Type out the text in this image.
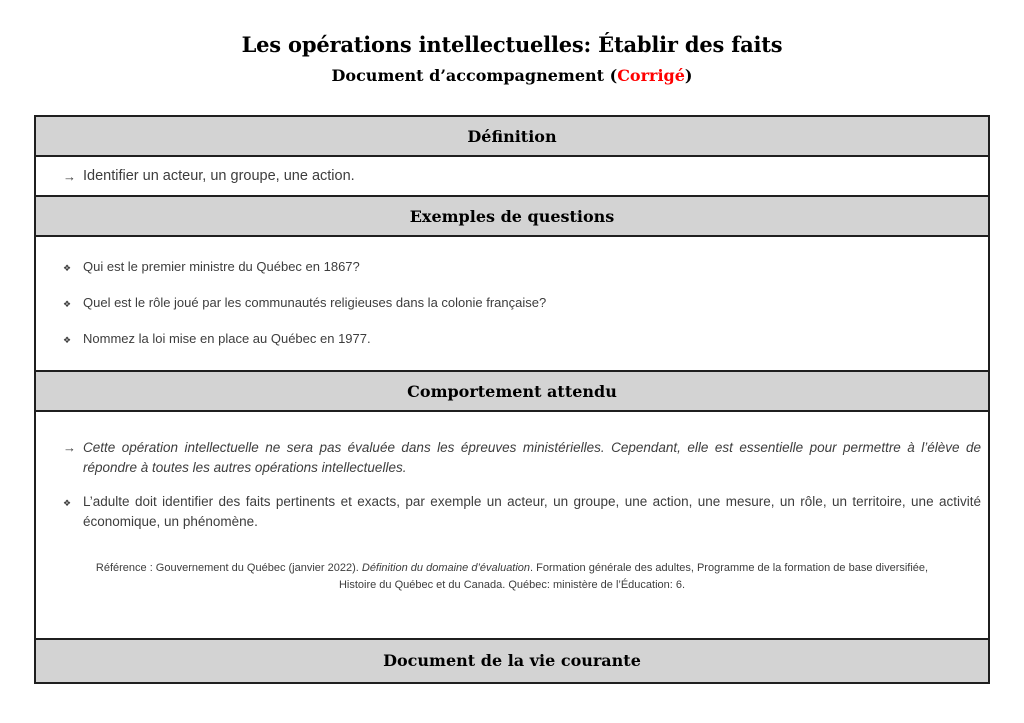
Les opérations intellectuelles: Établir des faits
Document d’accompagnement (Corrigé)
Définition
→ Identifier un acteur, un groupe, une action.
Exemples de questions
❖ Qui est le premier ministre du Québec en 1867?
❖ Quel est le rôle joué par les communautés religieuses dans la colonie française?
❖ Nommez la loi mise en place au Québec en 1977.
Comportement attendu
→ Cette opération intellectuelle ne sera pas évaluée dans les épreuves ministérielles. Cependant, elle est essentielle pour permettre à l’élève de répondre à toutes les autres opérations intellectuelles.
❖ L’adulte doit identifier des faits pertinents et exacts, par exemple un acteur, un groupe, une action, une mesure, un rôle, un territoire, une activité économique, un phénomène.
Référence : Gouvernement du Québec (janvier 2022). Définition du domaine d’évaluation. Formation générale des adultes, Programme de la formation de base diversifiée, Histoire du Québec et du Canada. Québec: ministère de l’Éducation: 6.
Document de la vie courante
